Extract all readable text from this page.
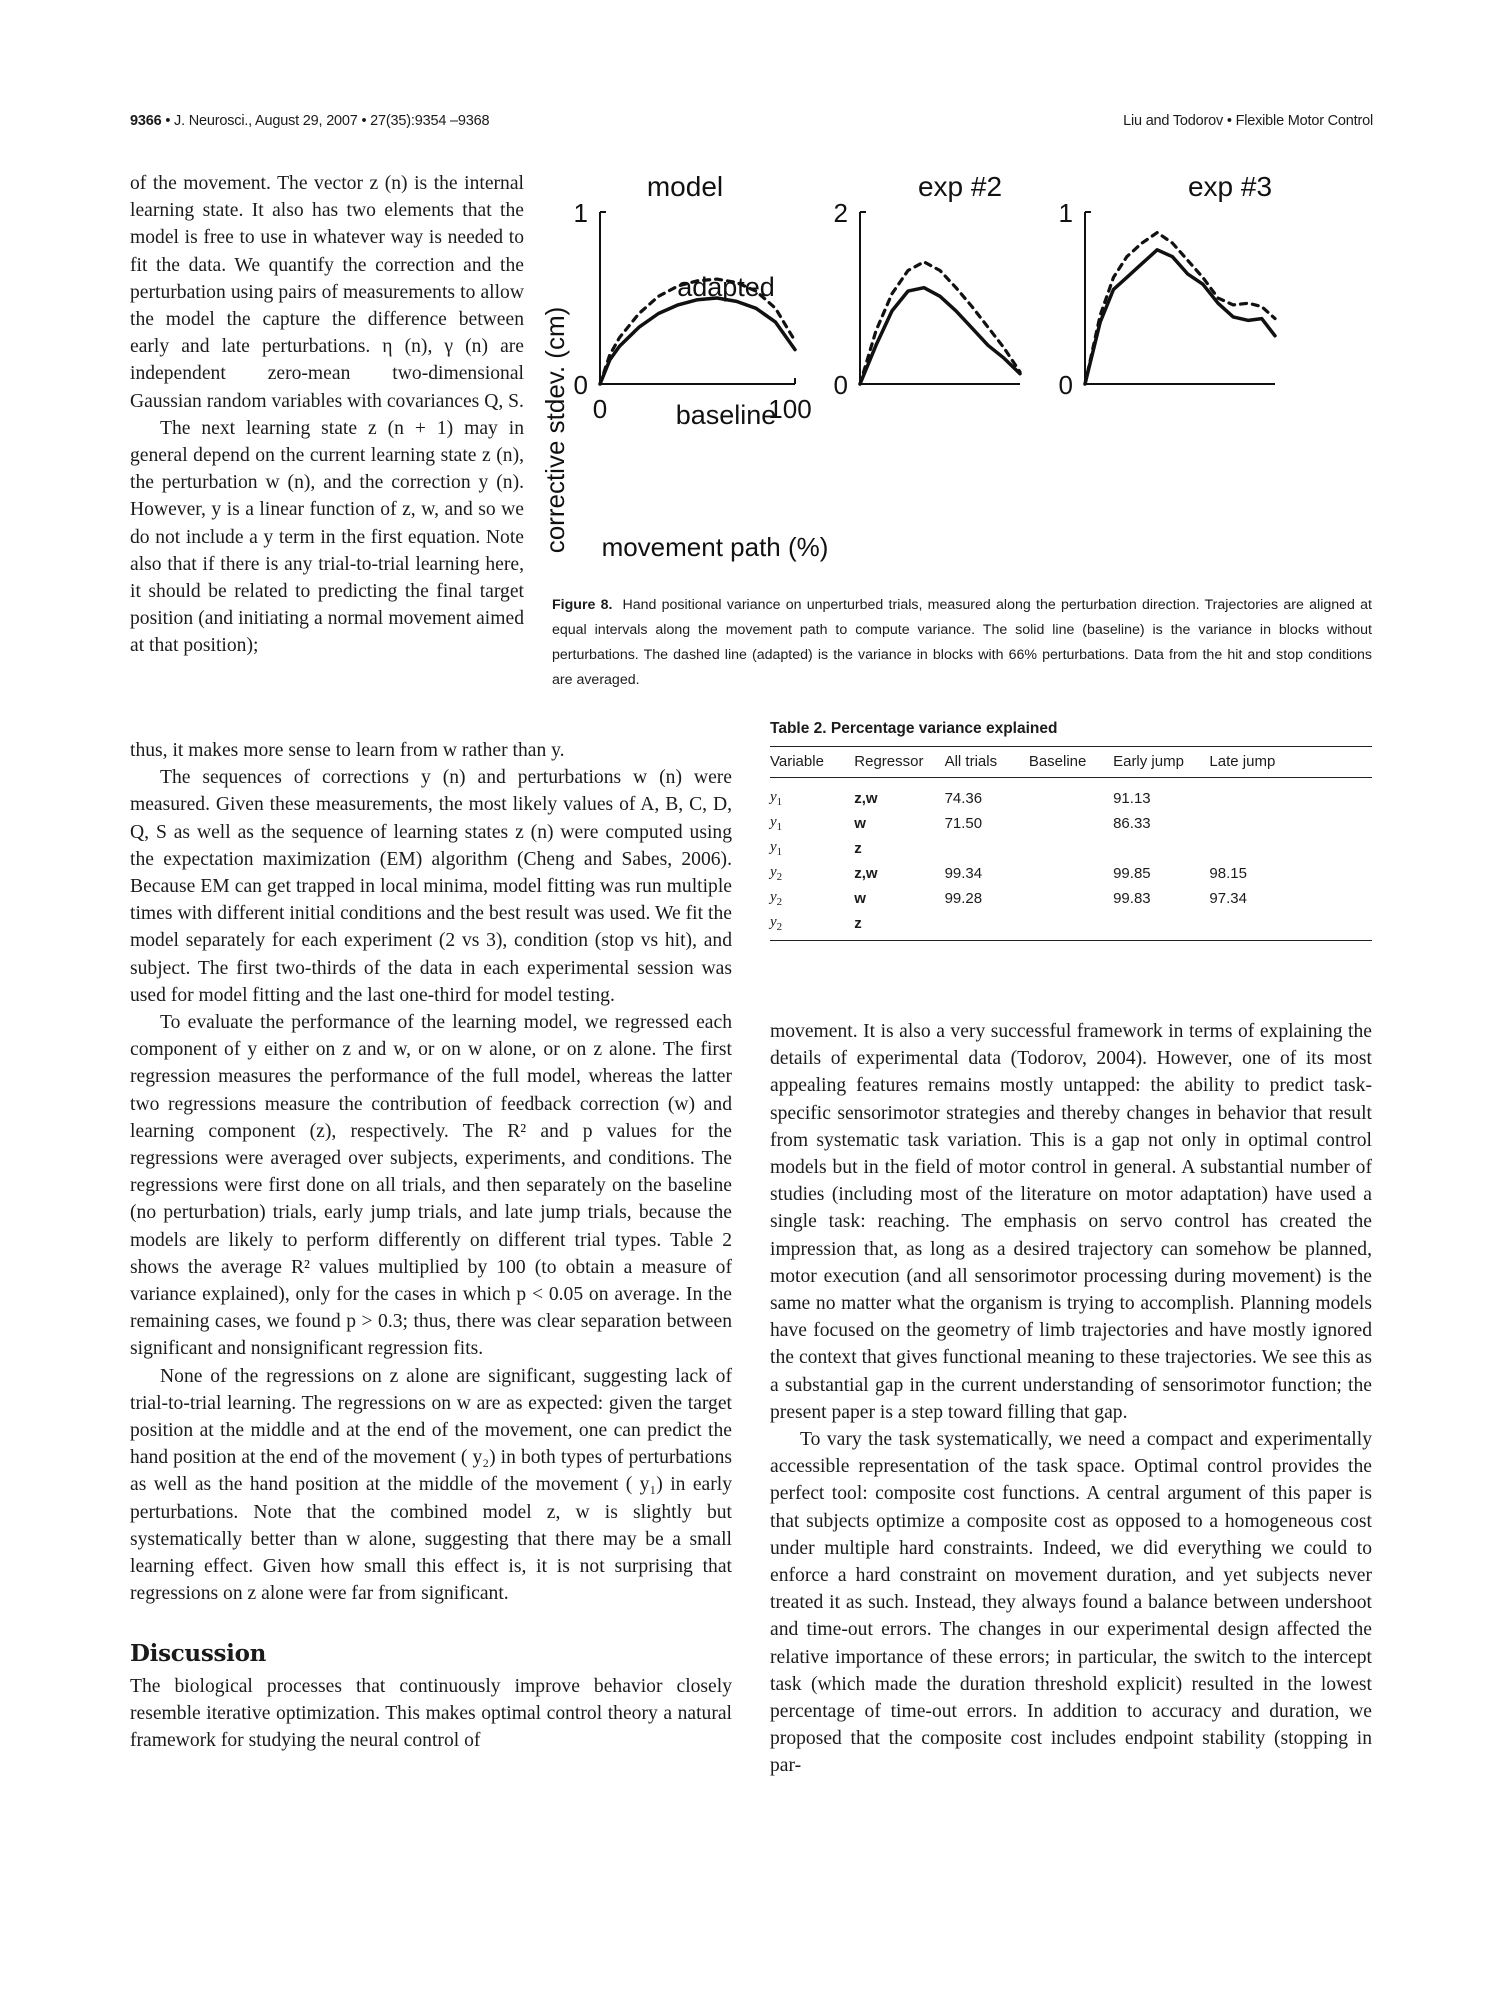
9366 • J. Neurosci., August 29, 2007 • 27(35):9354 –9368	Liu and Todorov • Flexible Motor Control

of the movement. The vector z (n) is the internal learning state. It also has two elements that the model is free to use in whatever way is needed to fit the data. We quantify the correction and the perturbation using pairs of measurements to allow the model the capture the difference between early and late perturbations. η (n), γ (n) are independent zero-mean two-dimensional Gaussian random variables with covariances Q, S.

The next learning state z (n + 1) may in general depend on the current learning state z (n), the perturbation w (n), and the correction y (n). However, y is a linear function of z, w, and so we do not include a y term in the first equation. Note also that if there is any trial-to-trial learning here, it should be related to predicting the final target position (and initiating a normal movement aimed at that position);

thus, it makes more sense to learn from w rather than y.

The sequences of corrections y (n) and perturbations w (n) were measured. Given these measurements, the most likely values of A, B, C, D, Q, S as well as the sequence of learning states z (n) were computed using the expectation maximization (EM) algorithm (Cheng and Sabes, 2006). Because EM can get trapped in local minima, model fitting was run multiple times with different initial conditions and the best result was used. We fit the model separately for each experiment (2 vs 3), condition (stop vs hit), and subject. The first two-thirds of the data in each experimental session was used for model fitting and the last one-third for model testing.

To evaluate the performance of the learning model, we regressed each component of y either on z and w, or on w alone, or on z alone. The first regression measures the performance of the full model, whereas the latter two regressions measure the contribution of feedback correction (w) and learning component (z), respectively. The R² and p values for the regressions were averaged over subjects, experiments, and conditions. The regressions were first done on all trials, and then separately on the baseline (no perturbation) trials, early jump trials, and late jump trials, because the models are likely to perform differently on different trial types. Table 2 shows the average R² values multiplied by 100 (to obtain a measure of variance explained), only for the cases in which p < 0.05 on average. In the remaining cases, we found p > 0.3; thus, there was clear separation between significant and nonsignificant regression fits.

None of the regressions on z alone are significant, suggesting lack of trial-to-trial learning. The regressions on w are as expected: given the target position at the middle and at the end of the movement, one can predict the hand position at the end of the movement ( y₂) in both types of perturbations as well as the hand position at the middle of the movement ( y₁) in early perturbations. Note that the combined model z, w is slightly but systematically better than w alone, suggesting that there may be a small learning effect. Given how small this effect is, it is not surprising that regressions on z alone were far from significant.

Discussion

The biological processes that continuously improve behavior closely resemble iterative optimization. This makes optimal control theory a natural framework for studying the neural control of

corrective stdev. (cm)
model	exp #2	exp #3
adapted
baseline
movement path (%)
1
0
0	100
2
0
1
0
Figure 8. Hand positional variance on unperturbed trials, measured along the perturbation direction. Trajectories are aligned at equal intervals along the movement path to compute variance. The solid line (baseline) is the variance in blocks without perturbations. The dashed line (adapted) is the variance in blocks with 66% perturbations. Data from the hit and stop conditions are averaged.
Table 2. Percentage variance explained
Variable	Regressor	All trials	Baseline	Early jump	Late jump
$y_1$	z,w	74.36		91.13	
$y_1$	w	71.50		86.33	
$y_1$	z				
$y_2$	z,w	99.34		99.85	98.15
$y_2$	w	99.28		99.83	97.34
$y_2$	z				

movement. It is also a very successful framework in terms of explaining the details of experimental data (Todorov, 2004). However, one of its most appealing features remains mostly untapped: the ability to predict task-specific sensorimotor strategies and thereby changes in behavior that result from systematic task variation. This is a gap not only in optimal control models but in the field of motor control in general. A substantial number of studies (including most of the literature on motor adaptation) have used a single task: reaching. The emphasis on servo control has created the impression that, as long as a desired trajectory can somehow be planned, motor execution (and all sensorimotor processing during movement) is the same no matter what the organism is trying to accomplish. Planning models have focused on the geometry of limb trajectories and have mostly ignored the context that gives functional meaning to these trajectories. We see this as a substantial gap in the current understanding of sensorimotor function; the present paper is a step toward filling that gap.

To vary the task systematically, we need a compact and experimentally accessible representation of the task space. Optimal control provides the perfect tool: composite cost functions. A central argument of this paper is that subjects optimize a composite cost as opposed to a homogeneous cost under multiple hard constraints. Indeed, we did everything we could to enforce a hard constraint on movement duration, and yet subjects never treated it as such. Instead, they always found a balance between undershoot and time-out errors. The changes in our experimental design affected the relative importance of these errors; in particular, the switch to the intercept task (which made the duration threshold explicit) resulted in the lowest percentage of time-out errors. In addition to accuracy and duration, we proposed that the composite cost includes endpoint stability (stopping in par-
